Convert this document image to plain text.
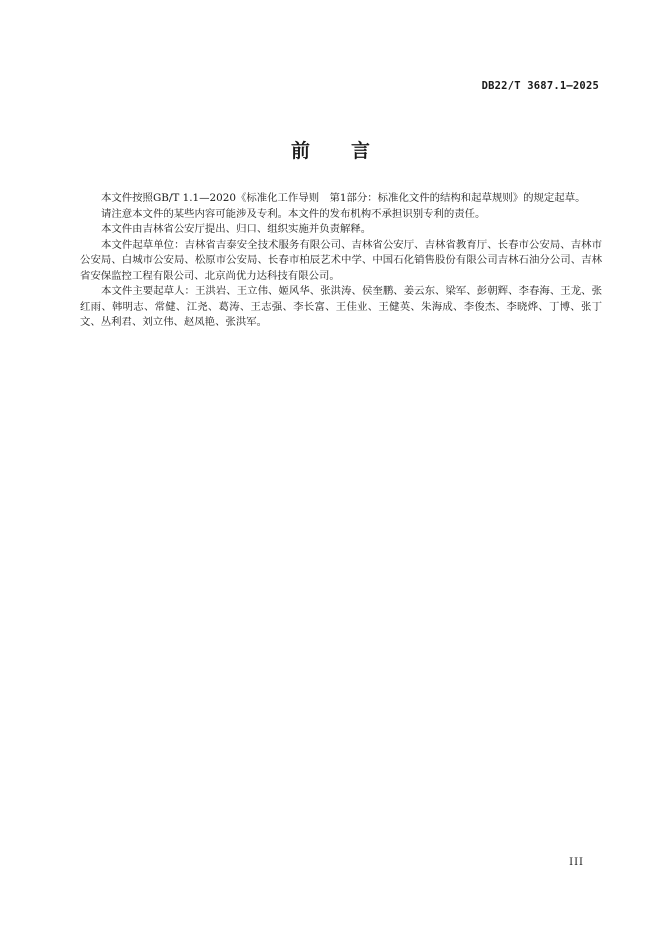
DB22/T 3687.1—2025
前　　言

本文件按照GB/T 1.1—2020《标准化工作导则　第1部分：标准化文件的结构和起草规则》的规定起草。

请注意本文件的某些内容可能涉及专利。本文件的发布机构不承担识别专利的责任。

本文件由吉林省公安厅提出、归口、组织实施并负责解释。

本文件起草单位：吉林省吉泰安全技术服务有限公司、吉林省公安厅、吉林省教育厅、长春市公安局、吉林市公安局、白城市公安局、松原市公安局、长春市柏辰艺术中学、中国石化销售股份有限公司吉林石油分公司、吉林省安保监控工程有限公司、北京尚优力达科技有限公司。

本文件主要起草人：王洪岩、王立伟、姬风华、张洪涛、侯奎鹏、姜云东、梁军、彭朝辉、李春海、王龙、张红雨、韩明志、常健、江尧、葛涛、王志强、李长富、王佳业、王健英、朱海成、李俊杰、李晓烨、丁博、张丁文、丛利君、刘立伟、赵凤艳、张洪军。

III
